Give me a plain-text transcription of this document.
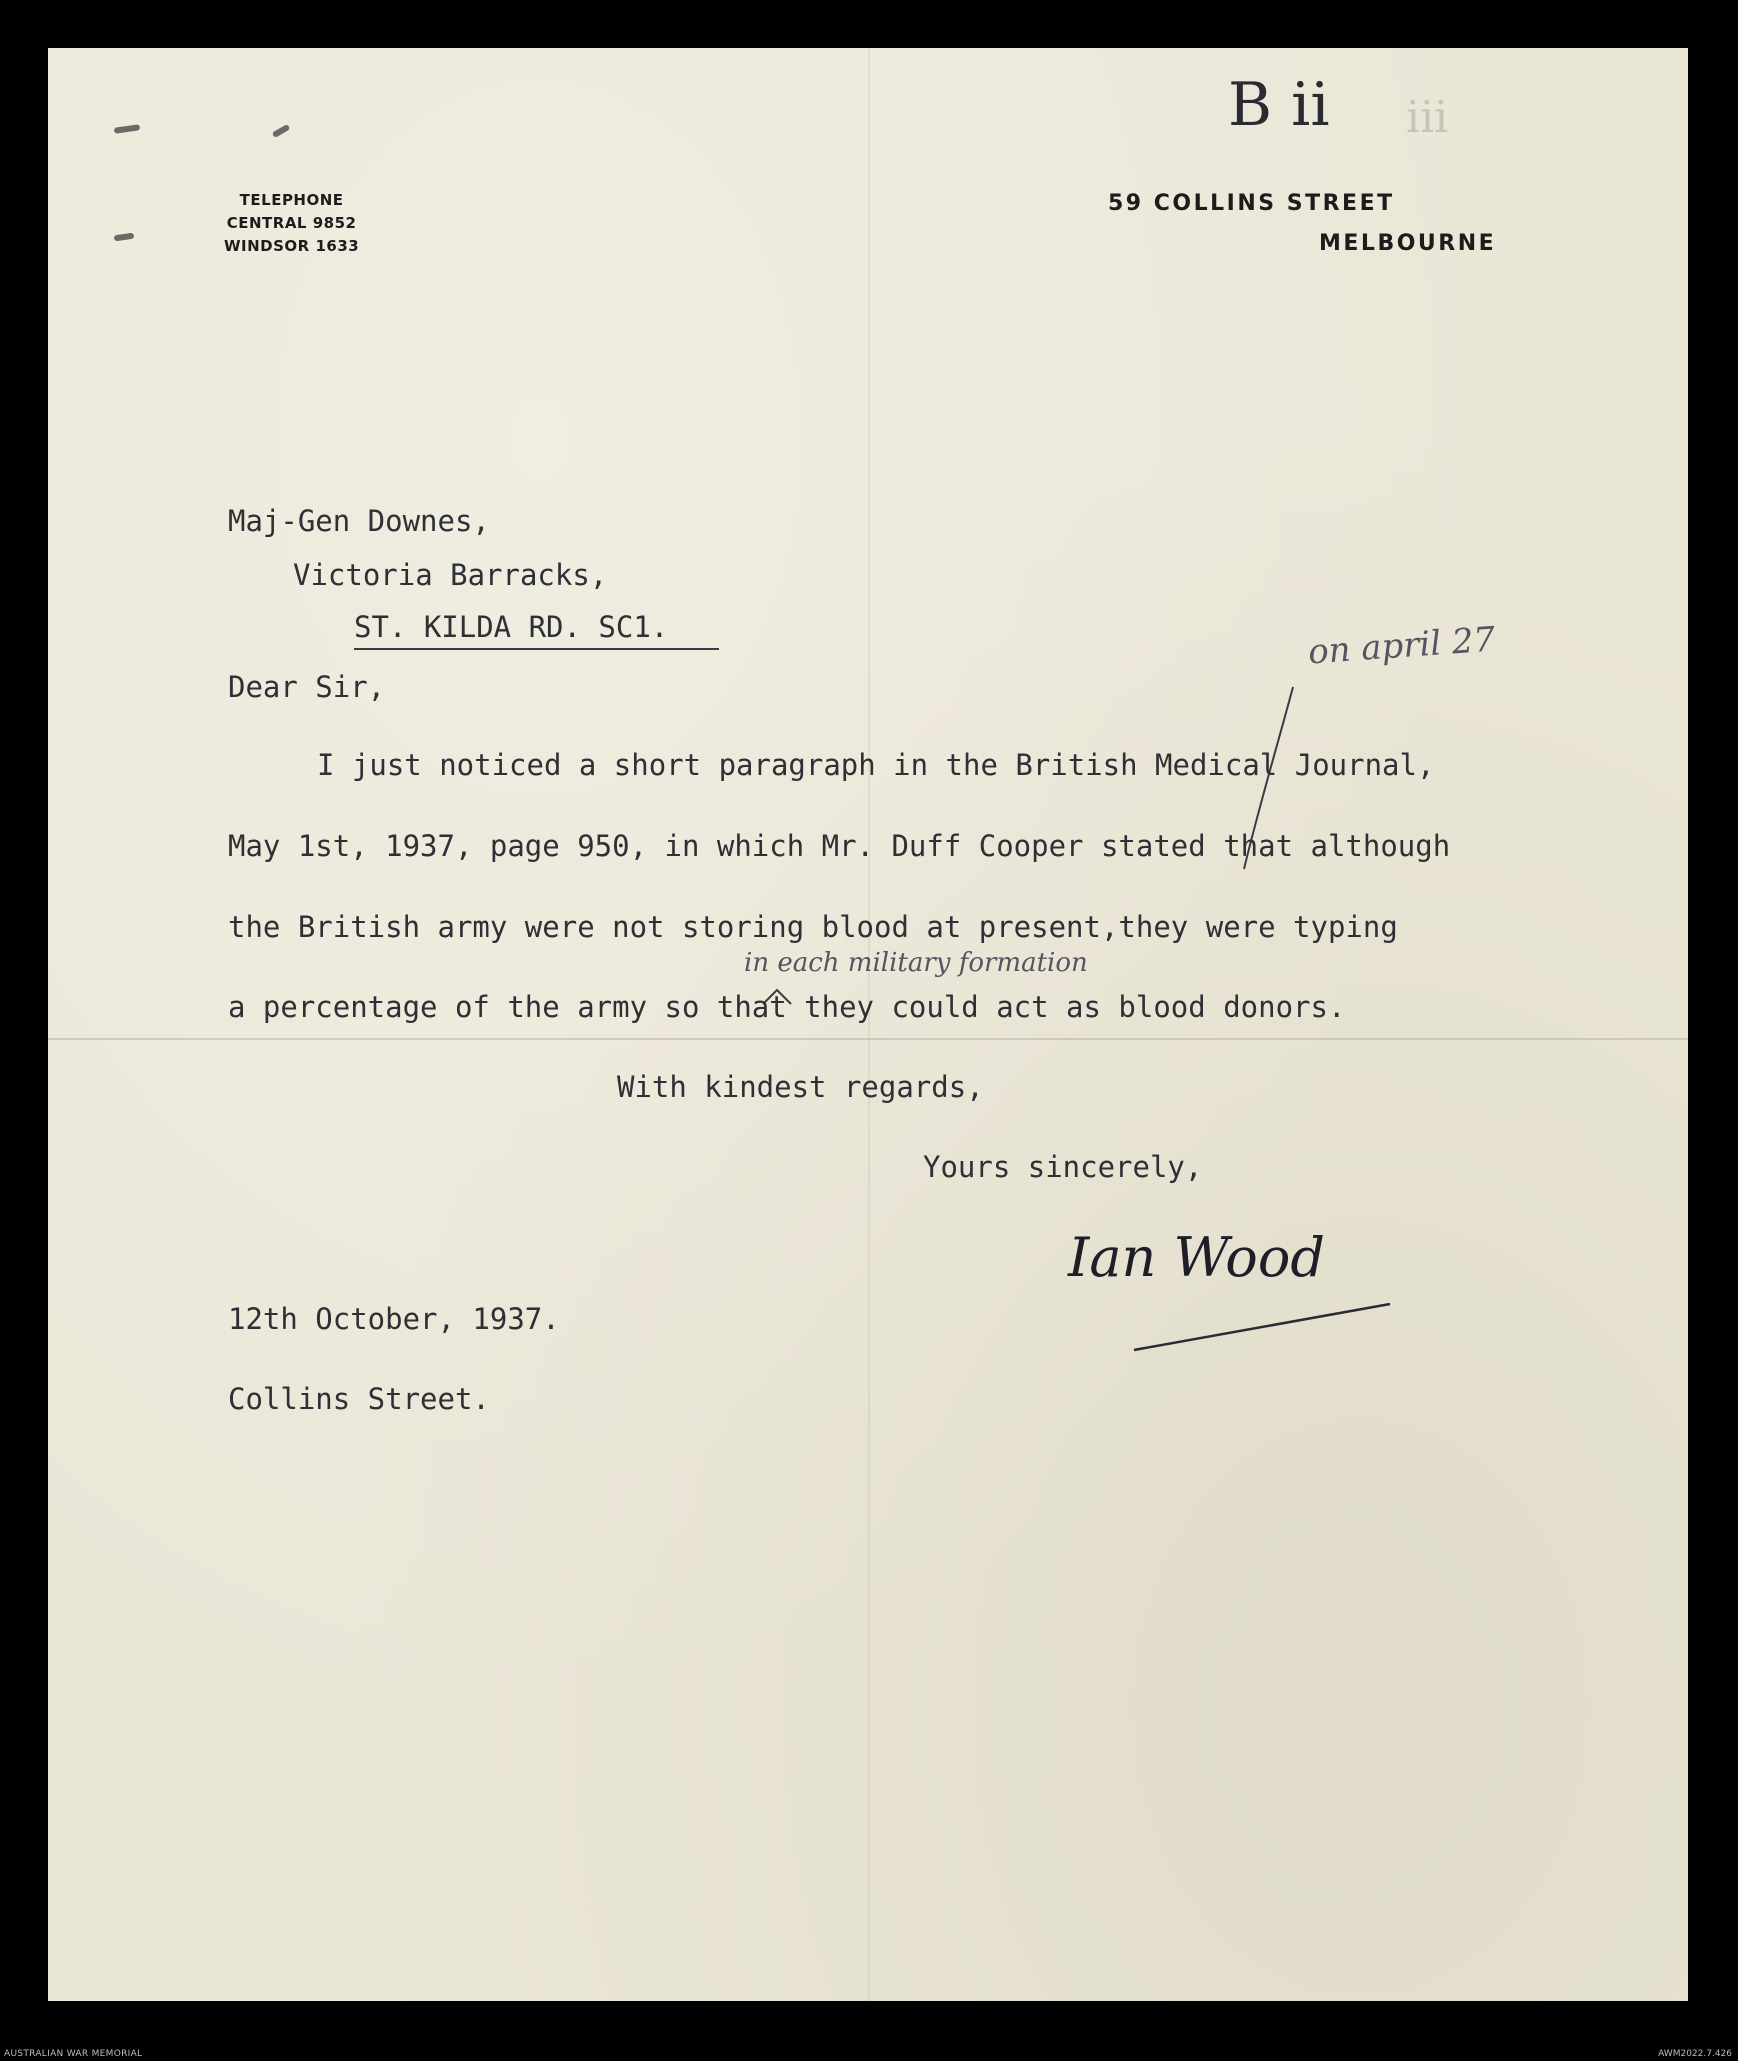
B ii iii
TELEPHONE
CENTRAL 9852
WINDSOR 1633
59 COLLINS STREET
MELBOURNE
Maj-Gen Downes,
Victoria Barracks,
ST. KILDA RD. SC1.	on april 27
Dear Sir,
I just noticed a short paragraph in the British Medical Journal,
May 1st, 1937, page 950, in which Mr. Duff Cooper stated that although
the British army were not storing blood at present,they were typing
in each military formation
a percentage of the army so that they could act as blood donors.
With kindest regards,
Yours sincerely,
Ian Wood
12th October, 1937.
Collins Street.
AUSTRALIAN WAR MEMORIAL	AWM2022.7.426
